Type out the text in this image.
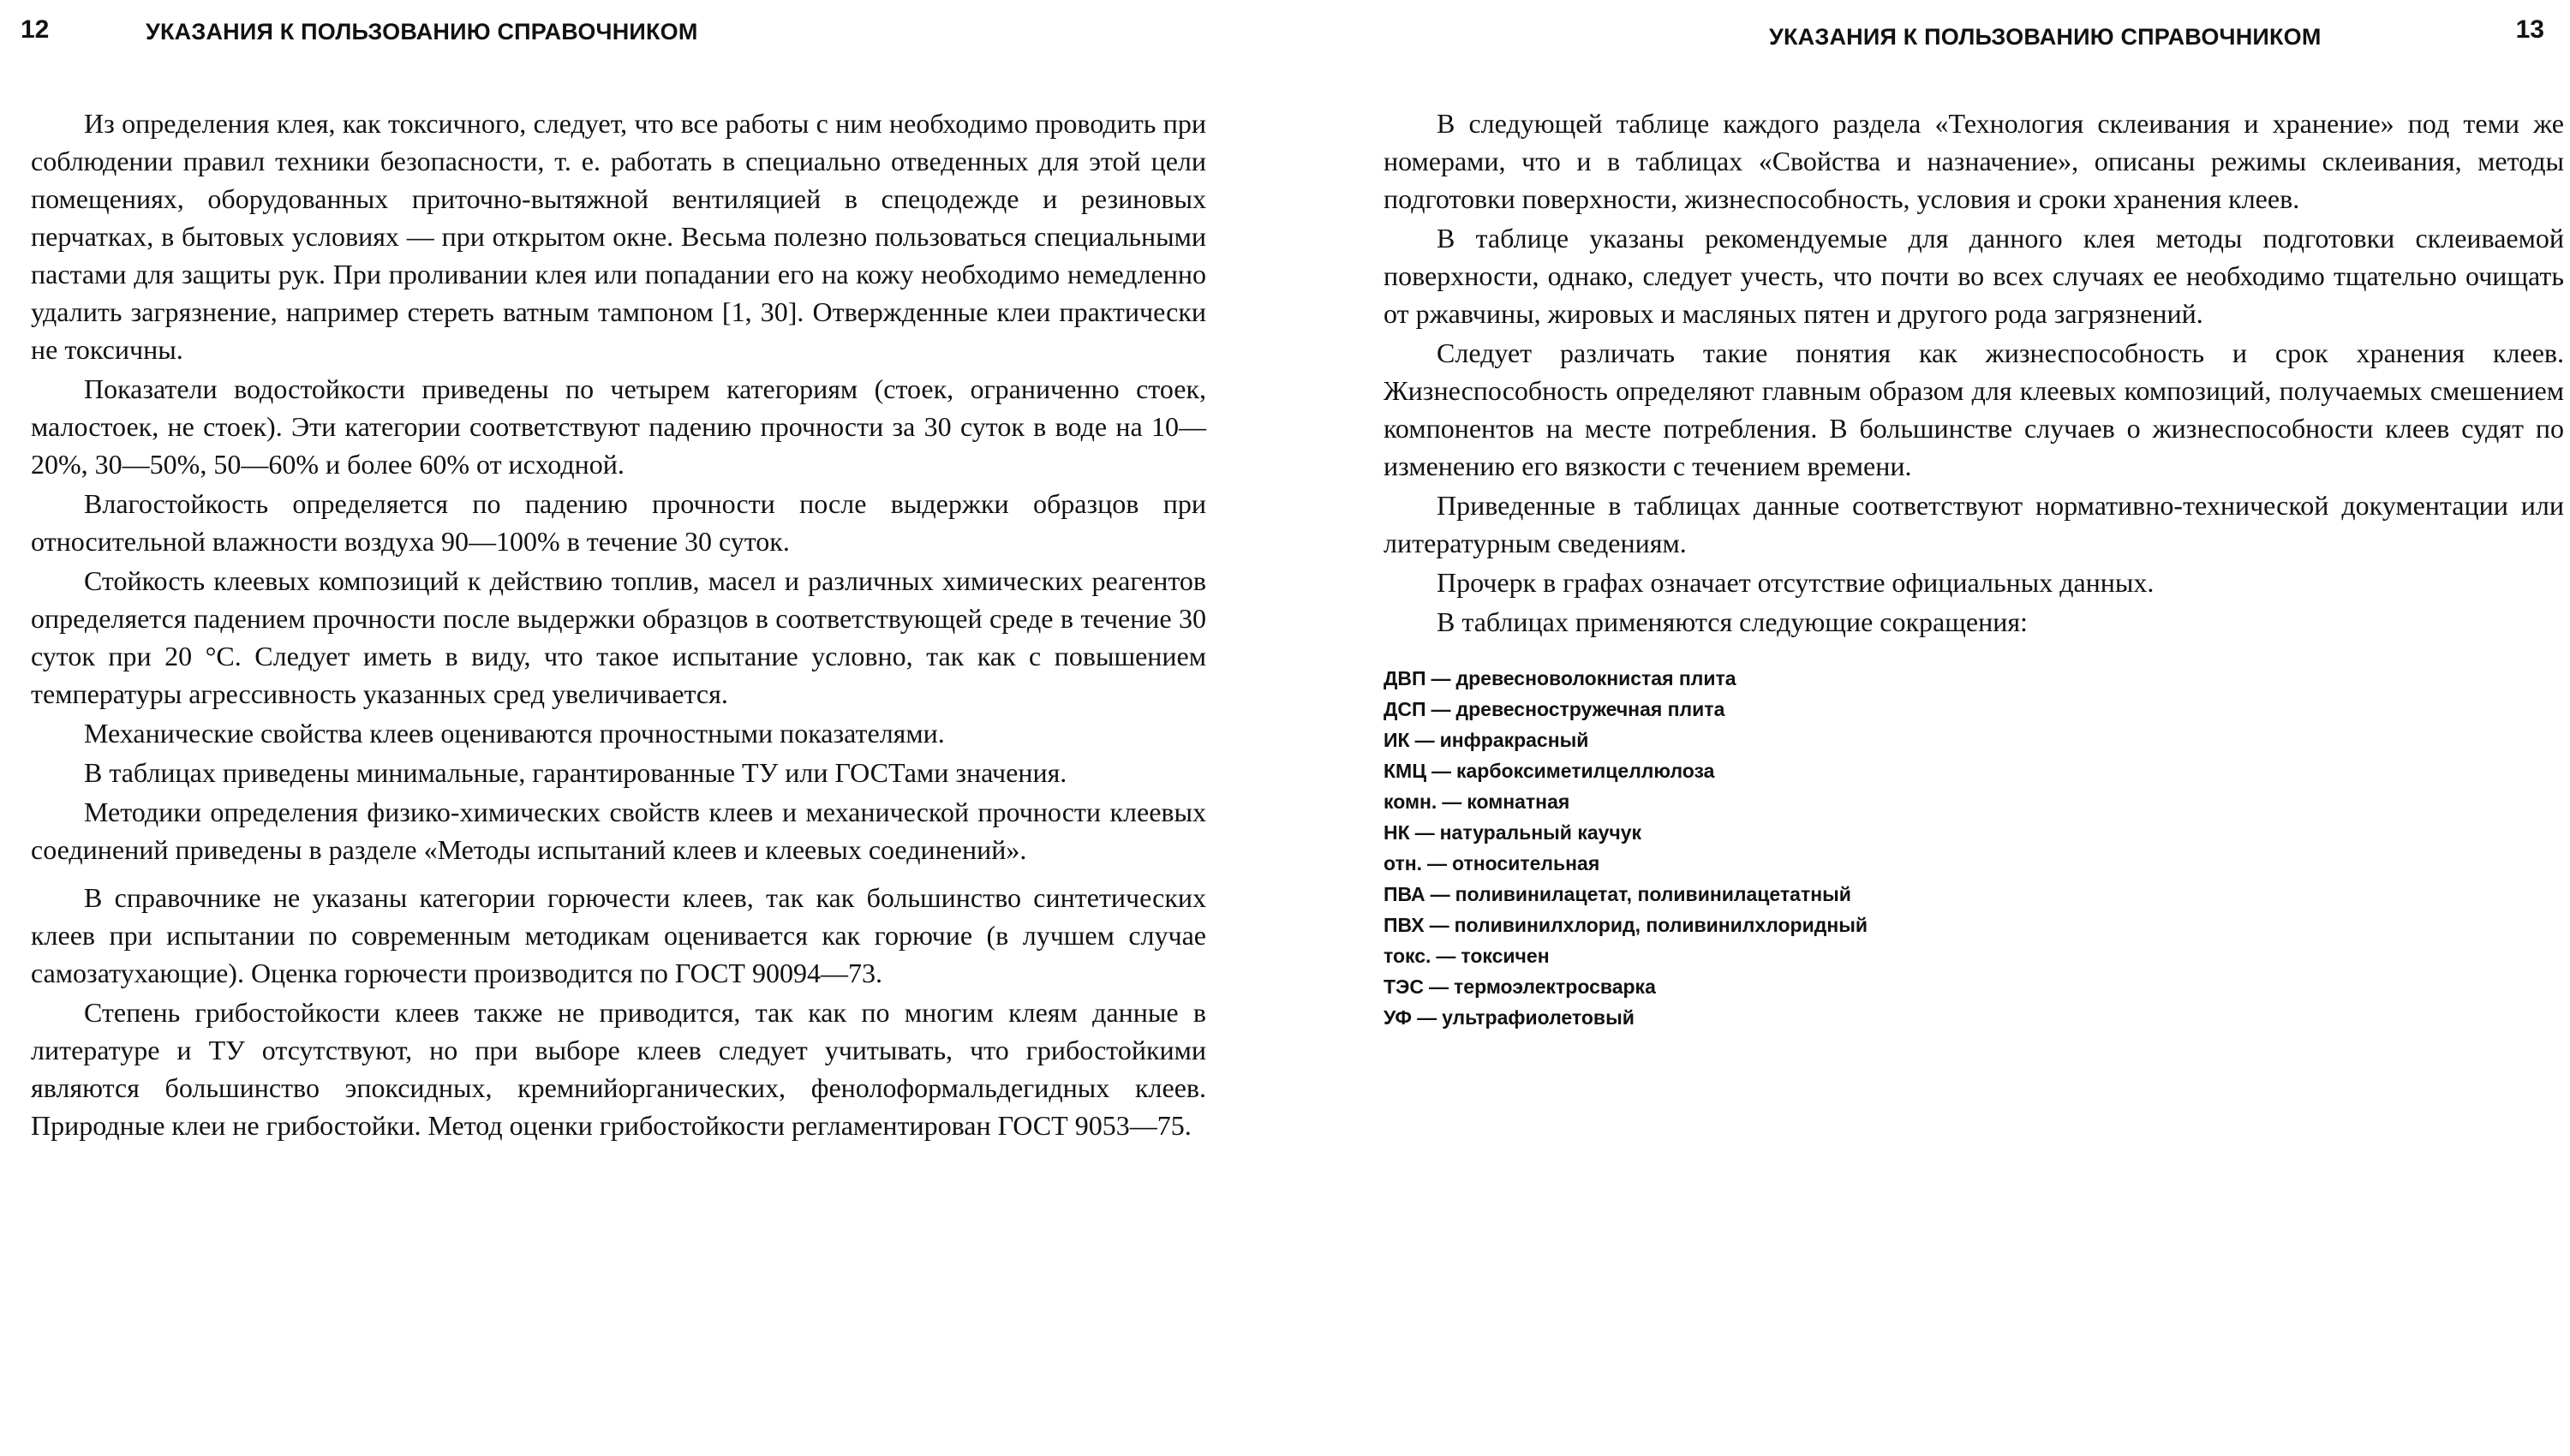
12	УКАЗАНИЯ К ПОЛЬЗОВАНИЮ СПРАВОЧНИКОМ

Из определения клея, как токсичного, следует, что все работы с ним необходимо проводить при соблюдении правил техники безопасности, т. е. работать в специально отведенных для этой цели помещениях, оборудованных приточно-вытяжной вентиляцией в спецодежде и резиновых перчатках, в бытовых условиях — при открытом окне. Весьма полезно пользоваться специальными пастами для защиты рук. При проливании клея или попадании его на кожу необходимо немедленно удалить загрязнение, например стереть ватным тампоном [1, 30]. Отвержденные клеи практически не токсичны.

Показатели водостойкости приведены по четырем категориям (стоек, ограниченно стоек, малостоек, не стоек). Эти категории соответствуют падению прочности за 30 суток в воде на 10—20%, 30—50%, 50—60% и более 60% от исходной.

Влагостойкость определяется по падению прочности после выдержки образцов при относительной влажности воздуха 90—100% в течение 30 суток.

Стойкость клеевых композиций к действию топлив, масел и различных химических реагентов определяется падением прочности после выдержки образцов в соответствующей среде в течение 30 суток при 20 °С. Следует иметь в виду, что такое испытание условно, так как с повышением температуры агрессивность указанных сред увеличивается.

Механические свойства клеев оцениваются прочностными показателями.

В таблицах приведены минимальные, гарантированные ТУ или ГОСТами значения.

Методики определения физико-химических свойств клеев и механической прочности клеевых соединений приведены в разделе «Методы испытаний клеев и клеевых соединений».

В справочнике не указаны категории горючести клеев, так как большинство синтетических клеев при испытании по современным методикам оценивается как горючие (в лучшем случае самозатухающие). Оценка горючести производится по ГОСТ 90094—73.

Степень грибостойкости клеев также не приводится, так как по многим клеям данные в литературе и ТУ отсутствуют, но при выборе клеев следует учитывать, что грибостойкими являются большинство эпоксидных, кремнийорганических, фенолоформальдегидных клеев. Природные клеи не грибостойки. Метод оценки грибостойкости регламентирован ГОСТ 9053—75.

УКАЗАНИЯ К ПОЛЬЗОВАНИЮ СПРАВОЧНИКОМ	13

В следующей таблице каждого раздела «Технология склеивания и хранение» под теми же номерами, что и в таблицах «Свойства и назначение», описаны режимы склеивания, методы подготовки поверхности, жизнеспособность, условия и сроки хранения клеев.

В таблице указаны рекомендуемые для данного клея методы подготовки склеиваемой поверхности, однако, следует учесть, что почти во всех случаях ее необходимо тщательно очищать от ржавчины, жировых и масляных пятен и другого рода загрязнений.

Следует различать такие понятия как жизнеспособность и срок хранения клеев. Жизнеспособность определяют главным образом для клеевых композиций, получаемых смешением компонентов на месте потребления. В большинстве случаев о жизнеспособности клеев судят по изменению его вязкости с течением времени.

Приведенные в таблицах данные соответствуют нормативно-технической документации или литературным сведениям.

Прочерк в графах означает отсутствие официальных данных.

В таблицах применяются следующие сокращения:

ДВП — древесноволокнистая плита
ДСП — древесностружечная плита
ИК — инфракрасный
КМЦ — карбоксиметилцеллюлоза
комн. — комнатная
НК — натуральный каучук
отн. — относительная
ПВА — поливинилацетат, поливинилацетатный
ПВХ — поливинилхлорид, поливинилхлоридный
токс. — токсичен
ТЭС — термоэлектросварка
УФ — ультрафиолетовый
